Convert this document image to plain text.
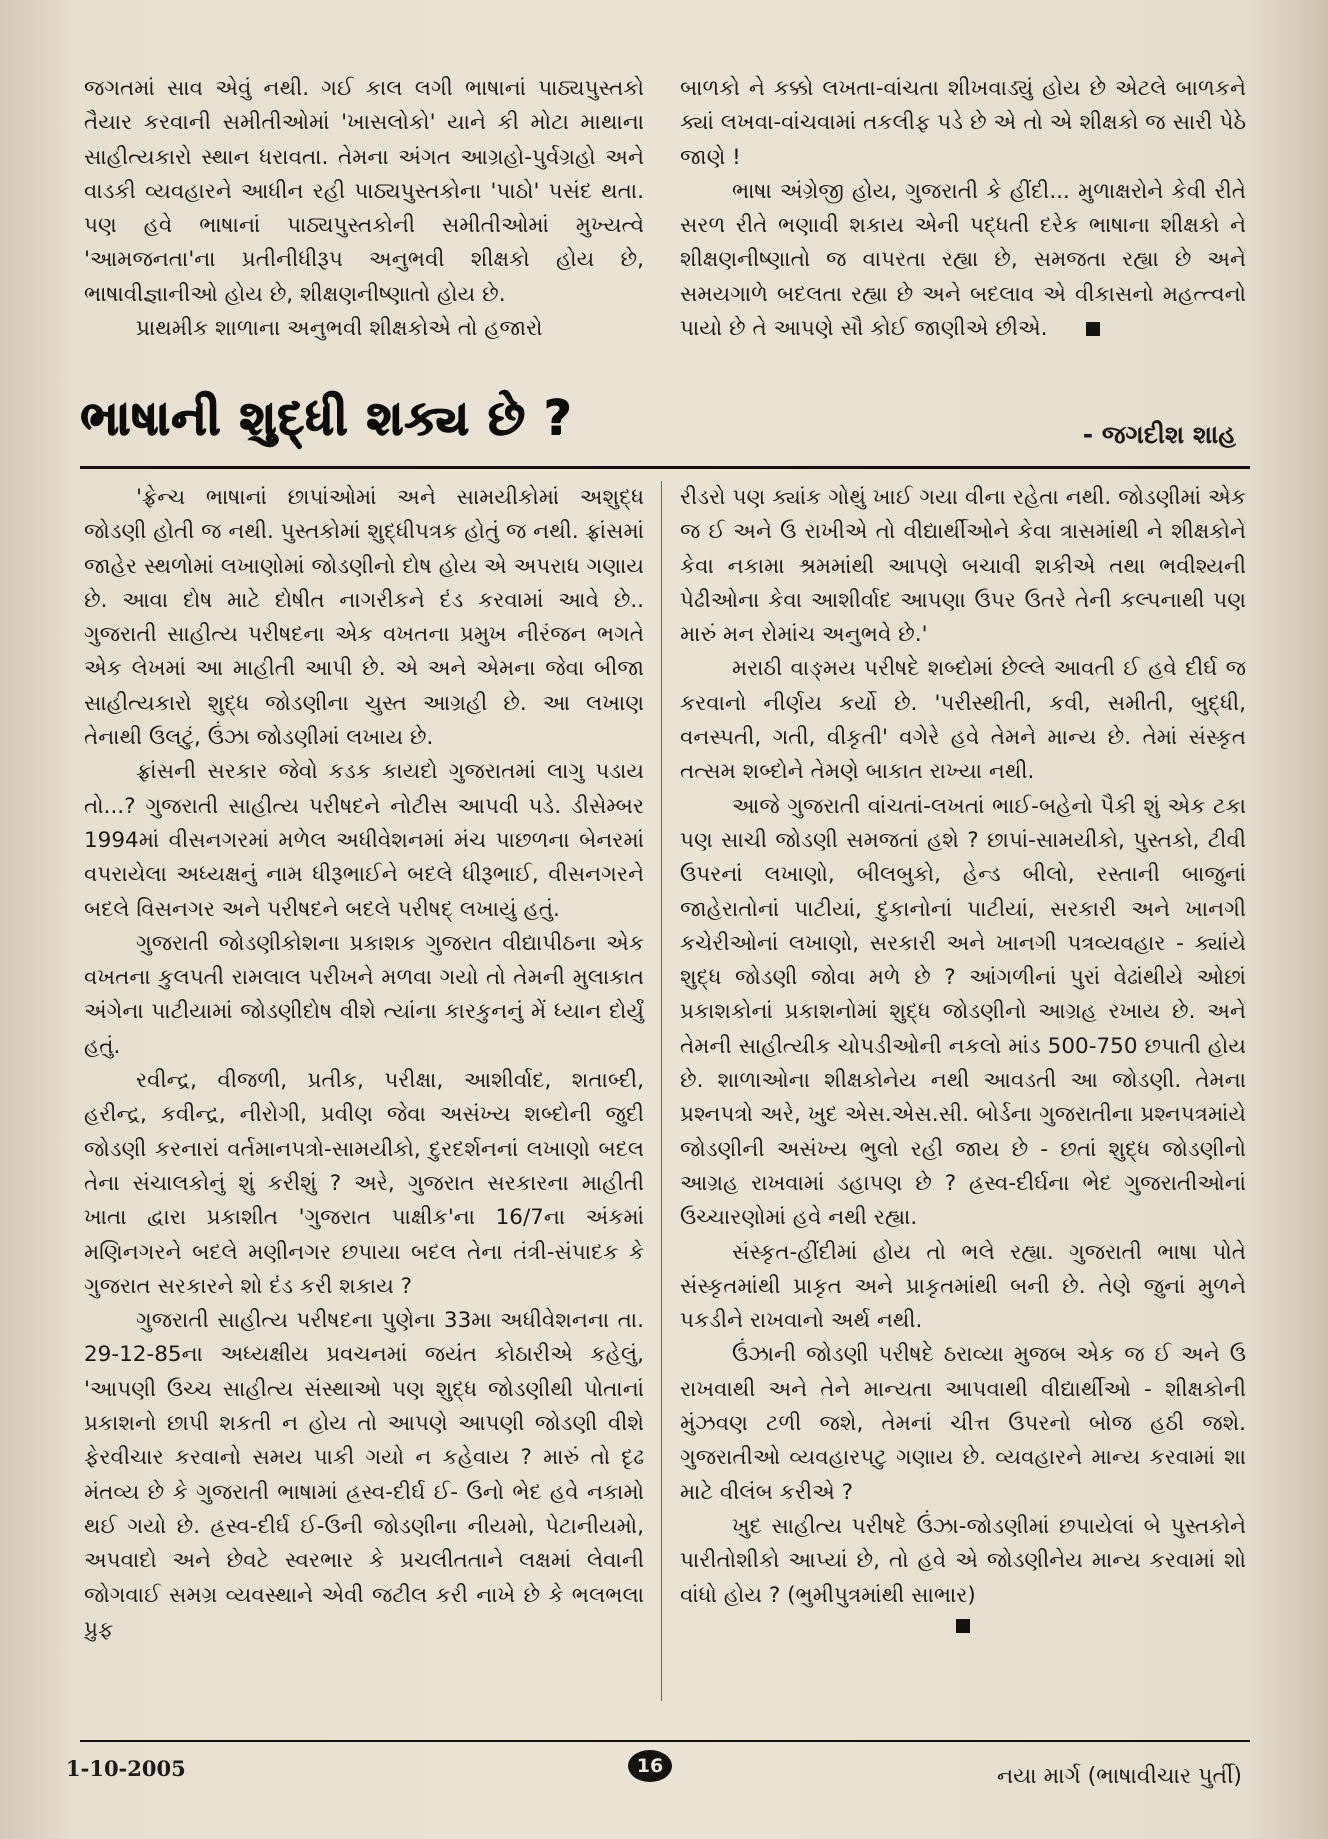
જગતમાં સાવ એવું નથી. ગઈ કાલ લગી ભાષાનાં પાઠ્યપુસ્તકો તૈયાર કરવાની સમીતીઓમાં 'ખાસલોકો' યાને કી મોટા માથાના સાહીત્યકારો સ્થાન ધરાવતા. તેમના અંગત આગ્રહો-પુર્વગ્રહો અને વાડકી વ્યવહારને આધીન રહી પાઠ્યપુસ્તકોના 'પાઠો' પસંદ થતા. પણ હવે ભાષાનાં પાઠ્યપુસ્તકોની સમીતીઓમાં મુખ્યત્વે 'આમજનતા'ના પ્રતીનીધીરૂપ અનુભવી શીક્ષકો હોય છે, ભાષાવીજ્ઞાનીઓ હોય છે, શીક્ષણનીષ્ણાતો હોય છે.

પ્રાથમીક શાળાના અનુભવી શીક્ષકોએ તો હજારો

બાળકો ને કક્કો લખતા-વાંચતા શીખવાડ્યું હોય છે એટલે બાળકને ક્યાં લખવા-વાંચવામાં તકલીફ પડે છે એ તો એ શીક્ષકો જ સારી પેઠે જાણે !

ભાષા અંગ્રેજી હોય, ગુજરાતી કે હીંદી... મુળાક્ષરોને કેવી રીતે સરળ રીતે ભણાવી શકાય એની પદ્ધતી દરેક ભાષાના શીક્ષકો ને શીક્ષણનીષ્ણાતો જ વાપરતા રહ્યા છે, સમજતા રહ્યા છે અને સમયગાળે બદલતા રહ્યા છે અને બદલાવ એ વીકાસનો મહત્ત્વનો પાયો છે તે આપણે સૌ કોઈ જાણીએ છીએ.

ભાષાની શુદ્ધી શક્ય છે ?	- જગદીશ શાહ

'ફ્રેન્ચ ભાષાનાં છાપાંઓમાં અને સામયીકોમાં અશુદ્ધ જોડણી હોતી જ નથી. પુસ્તકોમાં શુદ્ધીપત્રક હોતું જ નથી. ફ્રાંસમાં જાહેર સ્થળોમાં લખાણોમાં જોડણીનો દોષ હોય એ અપરાધ ગણાય છે. આવા દોષ માટે દોષીત નાગરીકને દંડ કરવામાં આવે છે.. ગુજરાતી સાહીત્ય પરીષદના એક વખતના પ્રમુખ નીરંજન ભગતે એક લેખમાં આ માહીતી આપી છે. એ અને એમના જેવા બીજા સાહીત્યકારો શુદ્ધ જોડણીના ચુસ્ત આગ્રહી છે. આ લખાણ તેનાથી ઉલટું, ઉંઝા જોડણીમાં લખાય છે.

ફ્રાંસની સરકાર જેવો કડક કાયદો ગુજરાતમાં લાગુ પડાય તો...? ગુજરાતી સાહીત્ય પરીષદને નોટીસ આપવી પડે. ડીસેમ્બર 1994માં વીસનગરમાં મળેલ અધીવેશનમાં મંચ પાછળના બેનરમાં વપરાયેલા અધ્યક્ષનું નામ ધીરૂભાઈને બદલે ધીરૂભાઈ, વીસનગરને બદલે વિસનગર અને પરીષદને બદલે પરીષદ્ લખાયું હતું.

ગુજરાતી જોડણીકોશના પ્રકાશક ગુજરાત વીદ્યાપીઠના એક વખતના કુલપતી રામલાલ પરીખને મળવા ગયો તો તેમની મુલાકાત અંગેના પાટીયામાં જોડણીદોષ વીશે ત્યાંના કારકુનનું મેં ધ્યાન દોર્યું હતું.

રવીન્દ્ર, વીજળી, પ્રતીક, પરીક્ષા, આશીર્વાદ, શતાબ્દી, હરીન્દ્ર, કવીન્દ્ર, નીરોગી, પ્રવીણ જેવા અસંખ્ય શબ્દોની જુદી જોડણી કરનારાં વર્તમાનપત્રો-સામયીકો, દુરદર્શનનાં લખાણો બદલ તેના સંચાલકોનું શું કરીશું ? અરે, ગુજરાત સરકારના માહીતી ખાતા દ્વારા પ્રકાશીત 'ગુજરાત પાક્ષીક'ના 16/7ના અંકમાં મણિનગરને બદલે મણીનગર છપાયા બદલ તેના તંત્રી-સંપાદક કે ગુજરાત સરકારને શો દંડ કરી શકાય ?

ગુજરાતી સાહીત્ય પરીષદના પુણેના 33મા અધીવેશનના તા. 29-12-85ના અધ્યક્ષીય પ્રવચનમાં જયંત કોઠારીએ કહેલું, 'આપણી ઉચ્ચ સાહીત્ય સંસ્થાઓ પણ શુદ્ધ જોડણીથી પોતાનાં પ્રકાશનો છાપી શકતી ન હોય તો આપણે આપણી જોડણી વીશે ફેરવીચાર કરવાનો સમય પાકી ગયો ન કહેવાય ? મારું તો દૃઢ મંતવ્ય છે કે ગુજરાતી ભાષામાં હ્રસ્વ-દીર્ઘ ઈ- ઉનો ભેદ હવે નકામો થઈ ગયો છે. હ્રસ્વ-દીર્ઘ ઈ-ઉની જોડણીના નીયમો, પેટાનીયમો, અપવાદો અને છેવટે સ્વરભાર કે પ્રચલીતતાને લક્ષમાં લેવાની જોગવાઈ સમગ્ર વ્યવસ્થાને એવી જટીલ કરી નાખે છે કે ભલભલા પ્રુફ

રીડરો પણ ક્યાંક ગોથું ખાઈ ગયા વીના રહેતા નથી. જોડણીમાં એક જ ઈ અને ઉ રાખીએ તો વીદ્યાર્થીઓને કેવા ત્રાસમાંથી ને શીક્ષકોને કેવા નકામા શ્રમમાંથી આપણે બચાવી શકીએ તથા ભવીશ્યની પેઢીઓના કેવા આશીર્વાદ આપણા ઉપર ઉતરે તેની કલ્પનાથી પણ મારું મન રોમાંચ અનુભવે છે.'

મરાઠી વાઙ્મય પરીષદે શબ્દોમાં છેલ્લે આવતી ઈ હવે દીર્ઘ જ કરવાનો નીર્ણય કર્યો છે. 'પરીસ્થીતી, કવી, સમીતી, બુદ્ધી, વનસ્પતી, ગતી, વીકૃતી' વગેરે હવે તેમને માન્ય છે. તેમાં સંસ્કૃત તત્સમ શબ્દોને તેમણે બાકાત રાખ્યા નથી.

આજે ગુજરાતી વાંચતાં-લખતાં ભાઈ-બહેનો પૈકી શું એક ટકા પણ સાચી જોડણી સમજતાં હશે ? છાપાં-સામયીકો, પુસ્તકો, ટીવી ઉપરનાં લખાણો, બીલબુકો, હેન્ડ બીલો, રસ્તાની બાજુનાં જાહેરાતોનાં પાટીયાં, દુકાનોનાં પાટીયાં, સરકારી અને ખાનગી કચેરીઓનાં લખાણો, સરકારી અને ખાનગી પત્રવ્યવહાર - ક્યાંયે શુદ્ધ જોડણી જોવા મળે છે ? આંગળીનાં પુરાં વેઢાંથીયે ઓછાં પ્રકાશકોનાં પ્રકાશનોમાં શુદ્ધ જોડણીનો આગ્રહ રખાય છે. અને તેમની સાહીત્યીક ચોપડીઓની નકલો માંડ 500-750 છપાતી હોય છે. શાળાઓના શીક્ષકોનેય નથી આવડતી આ જોડણી. તેમના પ્રશ્નપત્રો અરે, ખુદ એસ.એસ.સી. બોર્ડના ગુજરાતીના પ્રશ્નપત્રમાંયે જોડણીની અસંખ્ય ભુલો રહી જાય છે - છતાં શુદ્ધ જોડણીનો આગ્રહ રાખવામાં ડહાપણ છે ? હ્રસ્વ-દીર્ઘના ભેદ ગુજરાતીઓનાં ઉચ્ચારણોમાં હવે નથી રહ્યા.

સંસ્કૃત-હીંદીમાં હોય તો ભલે રહ્યા. ગુજરાતી ભાષા પોતે સંસ્કૃતમાંથી પ્રાકૃત અને પ્રાકૃતમાંથી બની છે. તેણે જુનાં મુળને પકડીને રાખવાનો અર્થ નથી.

ઉંઝાની જોડણી પરીષદે ઠરાવ્યા મુજબ એક જ ઈ અને ઉ રાખવાથી અને તેને માન્યતા આપવાથી વીદ્યાર્થીઓ - શીક્ષકોની મુંઝવણ ટળી જશે, તેમનાં ચીત્ત ઉપરનો બોજ હઠી જશે. ગુજરાતીઓ વ્યવહારપટુ ગણાય છે. વ્યવહારને માન્ય કરવામાં શા માટે વીલંબ કરીએ ?

ખુદ સાહીત્ય પરીષદે ઉંઝા-જોડણીમાં છપાયેલાં બે પુસ્તકોને પારીતોશીકો આપ્યાં છે, તો હવે એ જોડણીનેય માન્ય કરવામાં શો વાંધો હોય ? (ભુમીપુત્રમાંથી સાભાર)

1-10-2005	16	નયા માર્ગ (ભાષાવીચાર પુર્તી)
